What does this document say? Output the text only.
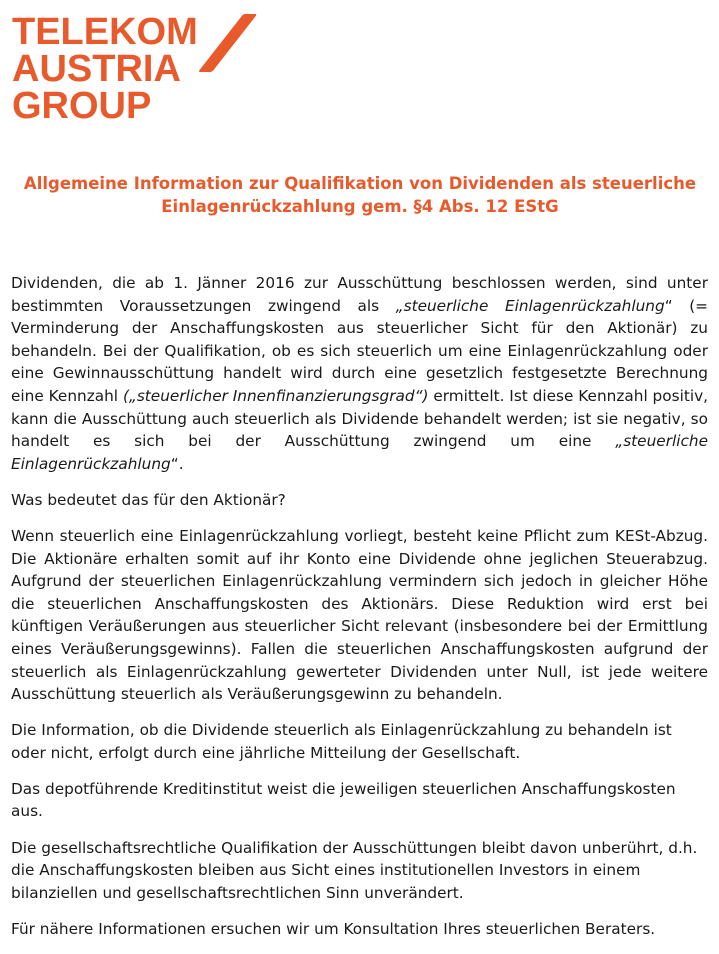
TELEKOM
AUSTRIA
GROUP
Allgemeine Information zur Qualifikation von Dividenden als steuerliche
Einlagenrückzahlung gem. §4 Abs. 12 EStG

Dividenden, die ab 1. Jänner 2016 zur Ausschüttung beschlossen werden, sind unter bestimmten Voraussetzungen zwingend als „steuerliche Einlagenrückzahlung“ (= Verminderung der Anschaffungskosten aus steuerlicher Sicht für den Aktionär) zu behandeln. Bei der Qualifikation, ob es sich steuerlich um eine Einlagenrückzahlung oder eine Gewinnausschüttung handelt wird durch eine gesetzlich festgesetzte Berechnung eine Kennzahl („steuerlicher Innenfinanzierungsgrad“) ermittelt. Ist diese Kennzahl positiv, kann die Ausschüttung auch steuerlich als Dividende behandelt werden; ist sie negativ, so handelt es sich bei der Ausschüttung zwingend um eine „steuerliche Einlagenrückzahlung“.

Was bedeutet das für den Aktionär?

Wenn steuerlich eine Einlagenrückzahlung vorliegt, besteht keine Pflicht zum KESt-Abzug. Die Aktionäre erhalten somit auf ihr Konto eine Dividende ohne jeglichen Steuerabzug. Aufgrund der steuerlichen Einlagenrückzahlung vermindern sich jedoch in gleicher Höhe die steuerlichen Anschaffungskosten des Aktionärs. Diese Reduktion wird erst bei künftigen Veräußerungen aus steuerlicher Sicht relevant (insbesondere bei der Ermittlung eines Veräußerungsgewinns). Fallen die steuerlichen Anschaffungskosten aufgrund der steuerlich als Einlagenrückzahlung gewerteter Dividenden unter Null, ist jede weitere Ausschüttung steuerlich als Veräußerungsgewinn zu behandeln.

Die Information, ob die Dividende steuerlich als Einlagenrückzahlung zu behandeln ist oder nicht, erfolgt durch eine jährliche Mitteilung der Gesellschaft.

Das depotführende Kreditinstitut weist die jeweiligen steuerlichen Anschaffungskosten aus.

Die gesellschaftsrechtliche Qualifikation der Ausschüttungen bleibt davon unberührt, d.h. die Anschaffungskosten bleiben aus Sicht eines institutionellen Investors in einem bilanziellen und gesellschaftsrechtlichen Sinn unverändert.

Für nähere Informationen ersuchen wir um Konsultation Ihres steuerlichen Beraters.
